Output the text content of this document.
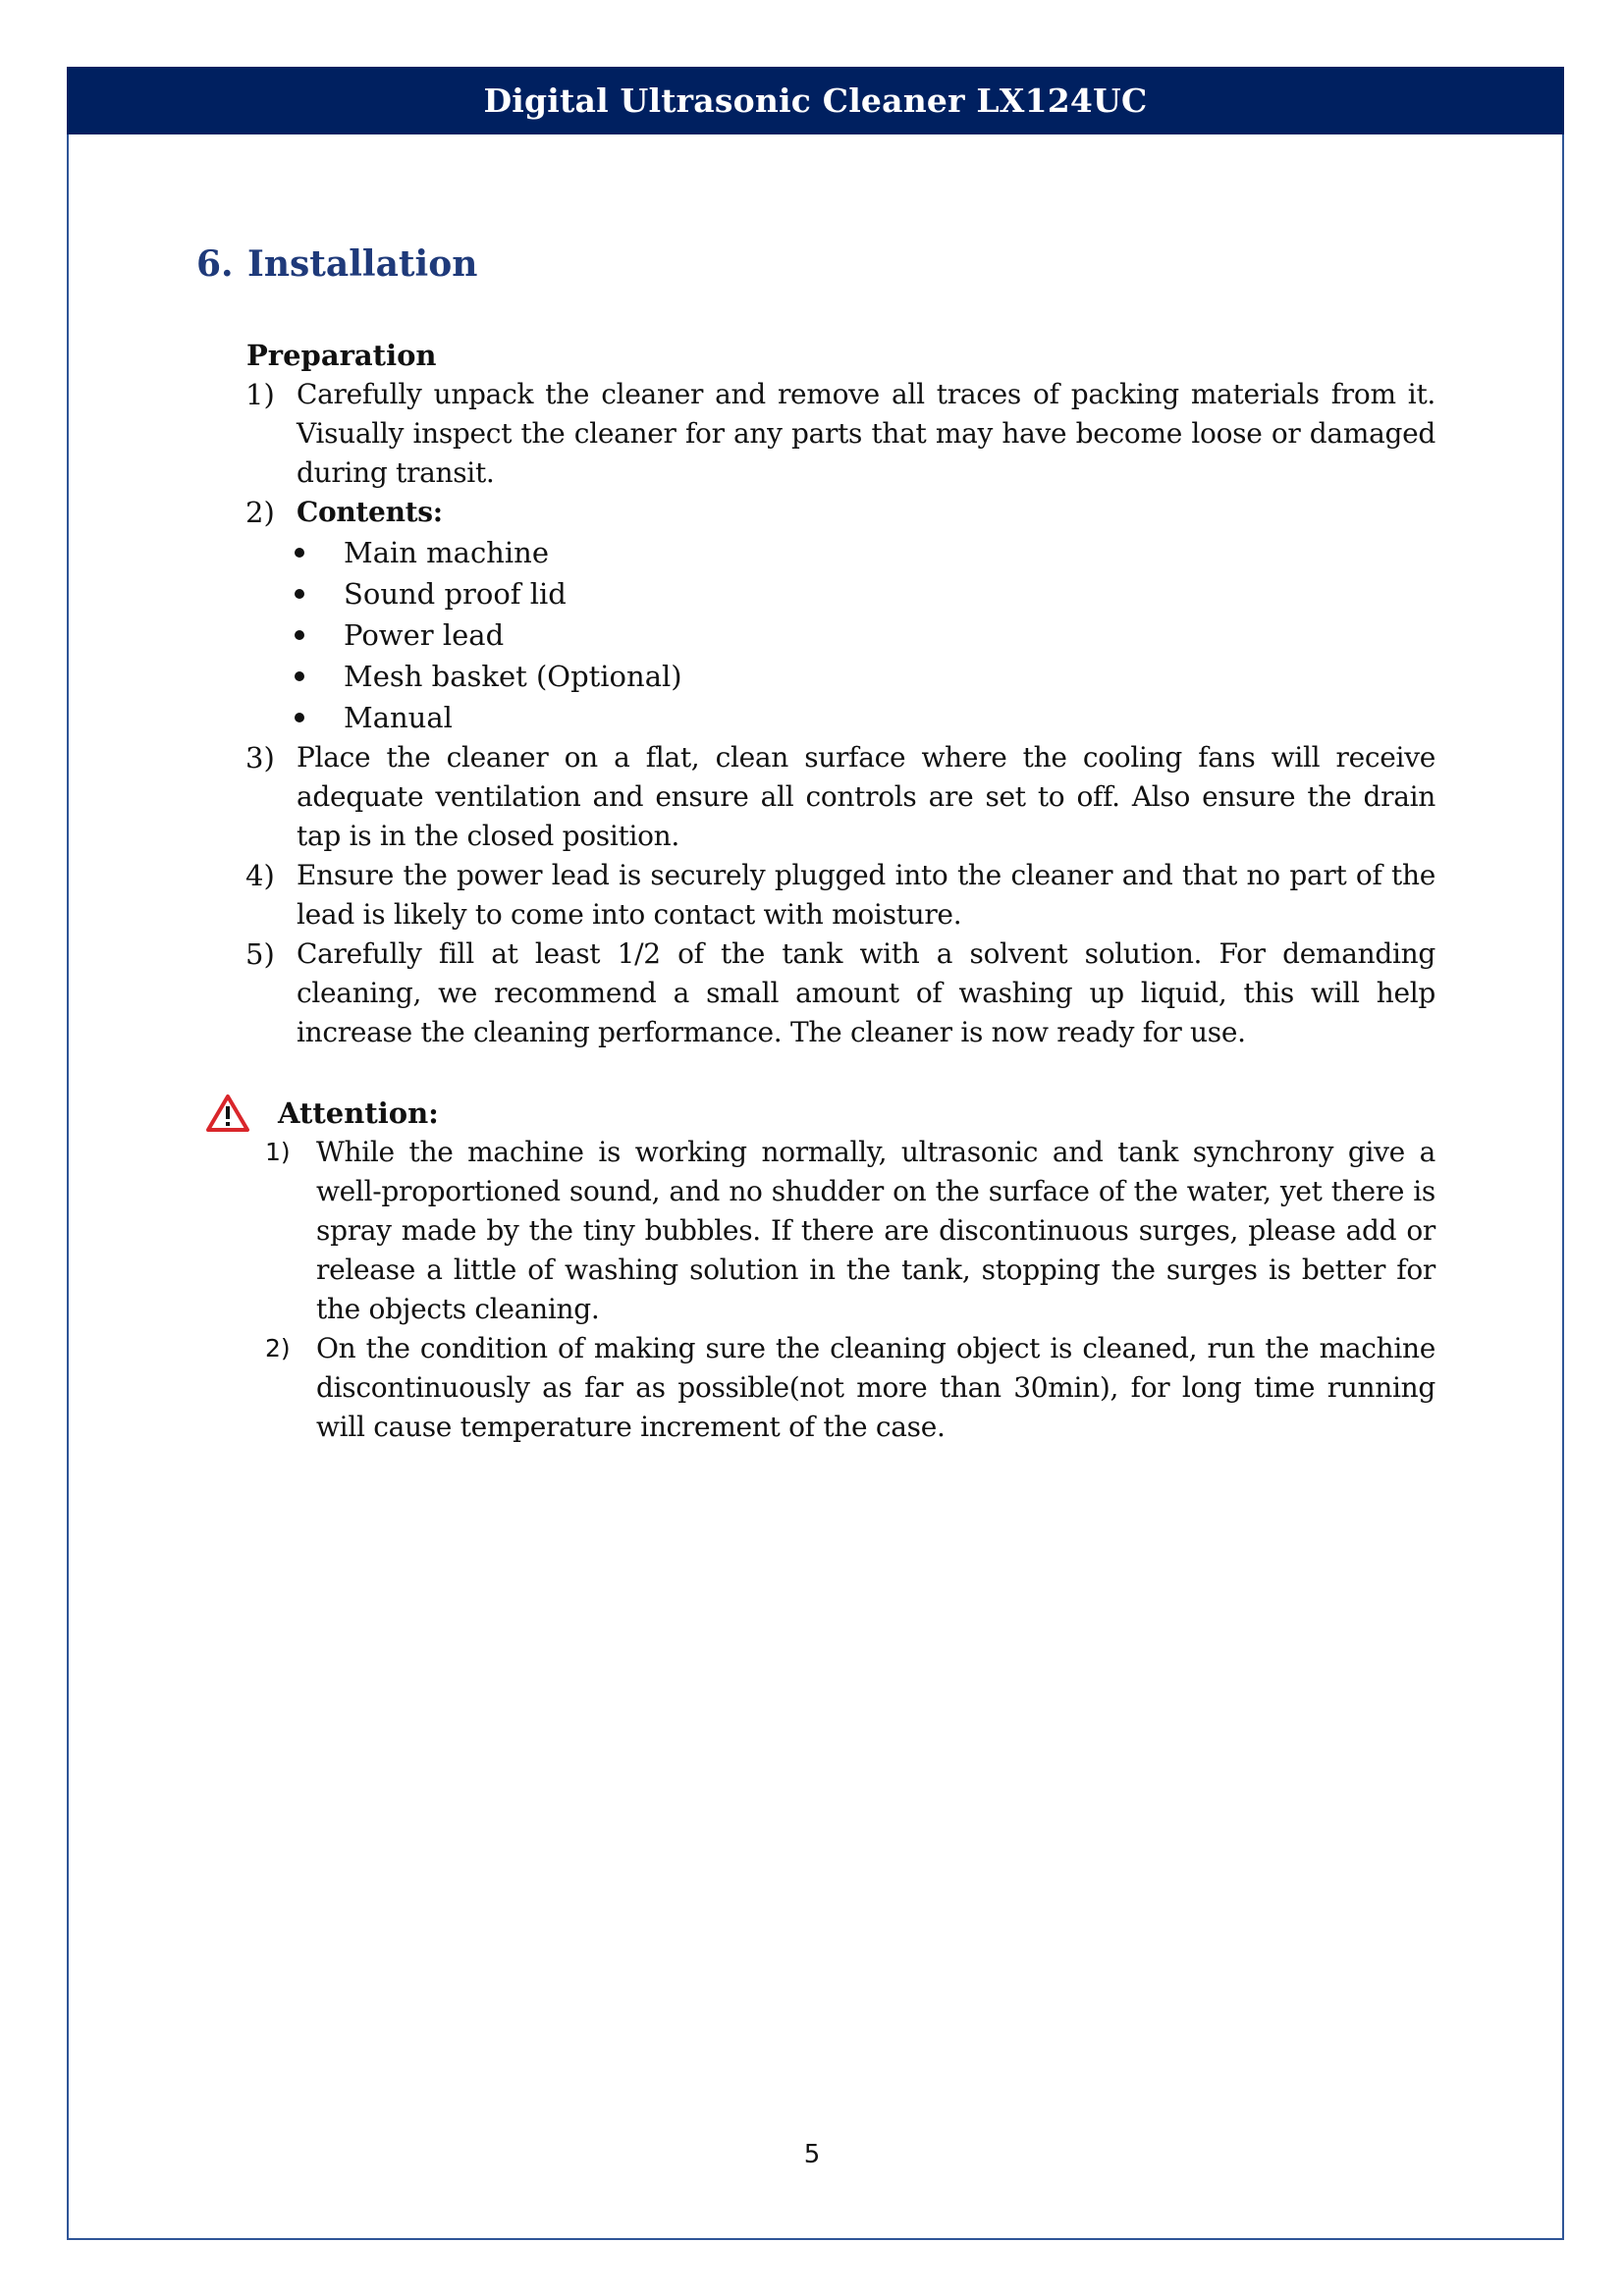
Digital Ultrasonic Cleaner LX124UC
6. Installation
Preparation
1) Carefully unpack the cleaner and remove all traces of packing materials from it. Visually inspect the cleaner for any parts that may have become loose or damaged during transit.
2) Contents:
Main machine
Sound proof lid
Power lead
Mesh basket (Optional)
Manual
3) Place the cleaner on a flat, clean surface where the cooling fans will receive adequate ventilation and ensure all controls are set to off. Also ensure the drain tap is in the closed position.
4) Ensure the power lead is securely plugged into the cleaner and that no part of the lead is likely to come into contact with moisture.
5) Carefully fill at least 1/2 of the tank with a solvent solution. For demanding cleaning, we recommend a small amount of washing up liquid, this will help increase the cleaning performance. The cleaner is now ready for use.
Attention:
1) While the machine is working normally, ultrasonic and tank synchrony give a well-proportioned sound, and no shudder on the surface of the water, yet there is spray made by the tiny bubbles. If there are discontinuous surges, please add or release a little of washing solution in the tank, stopping the surges is better for the objects cleaning.
2) On the condition of making sure the cleaning object is cleaned, run the machine discontinuously as far as possible(not more than 30min), for long time running will cause temperature increment of the case.
5
